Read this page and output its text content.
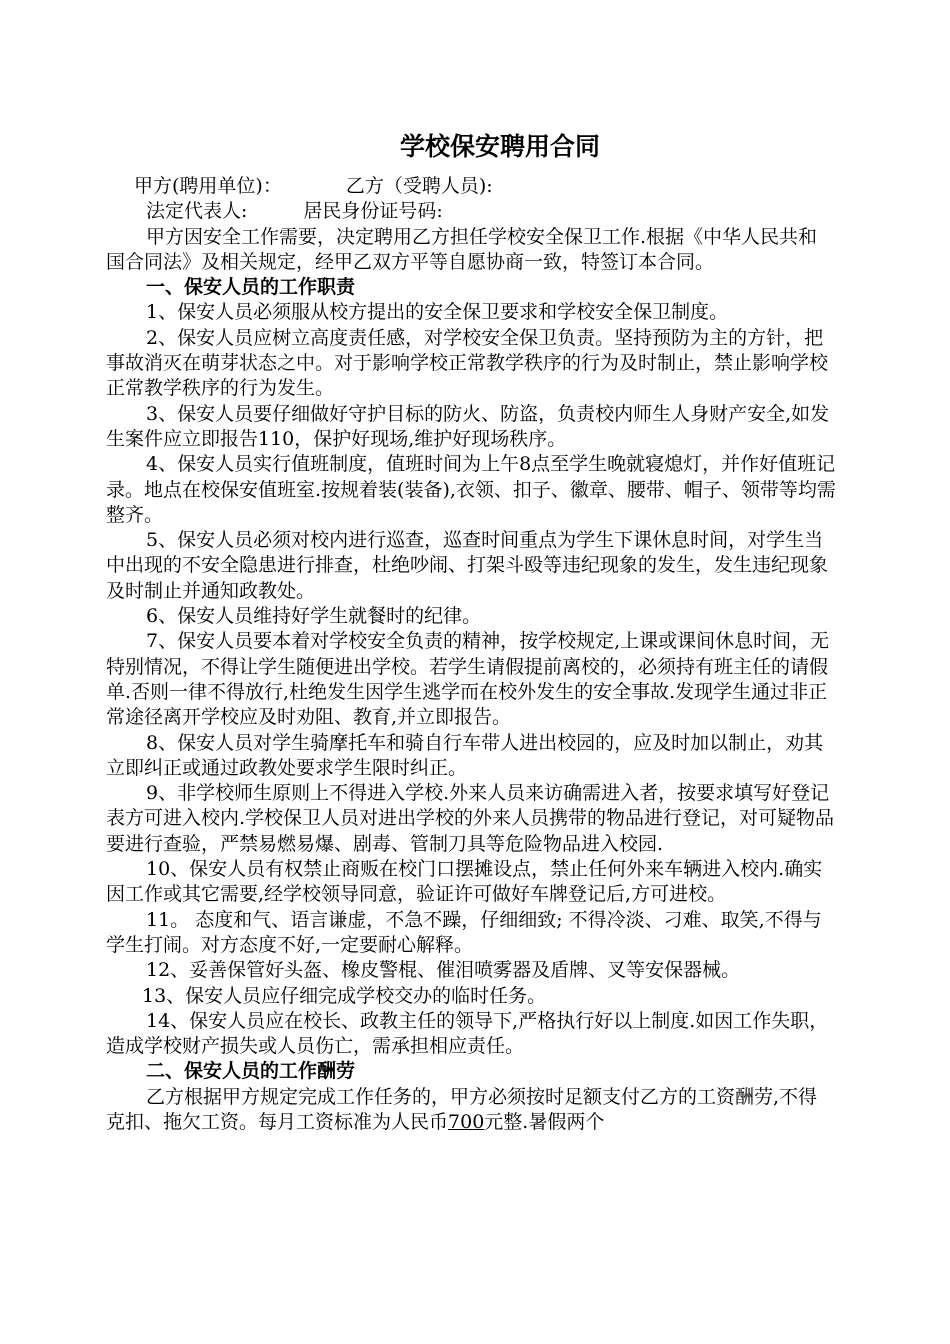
学校保安聘用合同

甲方(聘用单位)：	乙方（受聘人员):

法定代表人:	居民身份证号码:

甲方因安全工作需要，决定聘用乙方担任学校安全保卫工作.根据《中华人民共和国合同法》及相关规定，经甲乙双方平等自愿协商一致，特签订本合同。

一、保安人员的工作职责

1、保安人员必须服从校方提出的安全保卫要求和学校安全保卫制度。

2、保安人员应树立高度责任感，对学校安全保卫负责。坚持预防为主的方针，把事故消灭在萌芽状态之中。对于影响学校正常教学秩序的行为及时制止，禁止影响学校正常教学秩序的行为发生。

3、保安人员要仔细做好守护目标的防火、防盗，负责校内师生人身财产安全,如发生案件应立即报告110，保护好现场,维护好现场秩序。

4、保安人员实行值班制度，值班时间为上午8点至学生晚就寝熄灯，并作好值班记录。地点在校保安值班室.按规着装(装备),衣领、扣子、徽章、腰带、帽子、领带等均需整齐。

5、保安人员必须对校内进行巡查，巡查时间重点为学生下课休息时间，对学生当中出现的不安全隐患进行排查，杜绝吵闹、打架斗殴等违纪现象的发生，发生违纪现象及时制止并通知政教处。

6、保安人员维持好学生就餐时的纪律。

7、保安人员要本着对学校安全负责的精神，按学校规定,上课或课间休息时间，无特别情况，不得让学生随便进出学校。若学生请假提前离校的，必须持有班主任的请假单.否则一律不得放行,杜绝发生因学生逃学而在校外发生的安全事故.发现学生通过非正常途径离开学校应及时劝阻、教育,并立即报告。

8、保安人员对学生骑摩托车和骑自行车带人进出校园的，应及时加以制止，劝其立即纠正或通过政教处要求学生限时纠正。

9、非学校师生原则上不得进入学校.外来人员来访确需进入者，按要求填写好登记表方可进入校内.学校保卫人员对进出学校的外来人员携带的物品进行登记，对可疑物品要进行查验，严禁易燃易爆、剧毒、管制刀具等危险物品进入校园.

10、保安人员有权禁止商贩在校门口摆摊设点，禁止任何外来车辆进入校内.确实因工作或其它需要,经学校领导同意，验证许可做好车牌登记后,方可进校。

11。 态度和气、语言谦虚，不急不躁，仔细细致; 不得冷淡、刁难、取笑,不得与学生打闹。对方态度不好,一定要耐心解释。

12、妥善保管好头盔、橡皮警棍、催泪喷雾器及盾牌、叉等安保器械。

13、保安人员应仔细完成学校交办的临时任务。

14、保安人员应在校长、政教主任的领导下,严格执行好以上制度.如因工作失职，造成学校财产损失或人员伤亡，需承担相应责任。

二、保安人员的工作酬劳

乙方根据甲方规定完成工作任务的，甲方必须按时足额支付乙方的工资酬劳,不得克扣、拖欠工资。每月工资标准为人民币700元整.暑假两个
